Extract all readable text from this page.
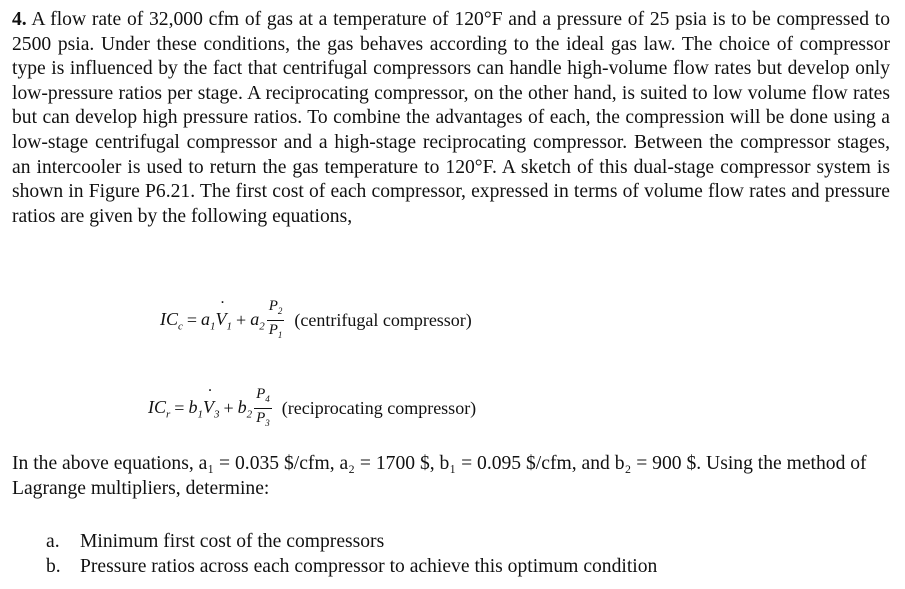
4. A flow rate of 32,000 cfm of gas at a temperature of 120°F and a pressure of 25 psia is to be compressed to 2500 psia. Under these conditions, the gas behaves according to the ideal gas law. The choice of compressor type is influenced by the fact that centrifugal compressors can handle high-volume flow rates but develop only low-pressure ratios per stage. A reciprocating compressor, on the other hand, is suited to low volume flow rates but can develop high pressure ratios. To combine the advantages of each, the compression will be done using a low-stage centrifugal compressor and a high-stage reciprocating compressor. Between the compressor stages, an intercooler is used to return the gas temperature to 120°F. A sketch of this dual-stage compressor system is shown in Figure P6.21. The first cost of each compressor, expressed in terms of volume flow rates and pressure ratios are given by the following equations,
$IC_c = a_1$ ˙ $V_1 + a_2 \frac{P_2}{P_1}$ (centrifugal compressor)
$IC_r = b_1$ ˙ $V_3 + b_2 \frac{P_4}{P_3}$ (reciprocating compressor)
In the above equations, a₁ = 0.035 $/cfm, a₂ = 1700 $, b₁ = 0.095 $/cfm, and b₂ = 900 $. Using the method of Lagrange multipliers, determine:
a.	Minimum first cost of the compressors
b. Pressure ratios across each compressor to achieve this optimum condition
